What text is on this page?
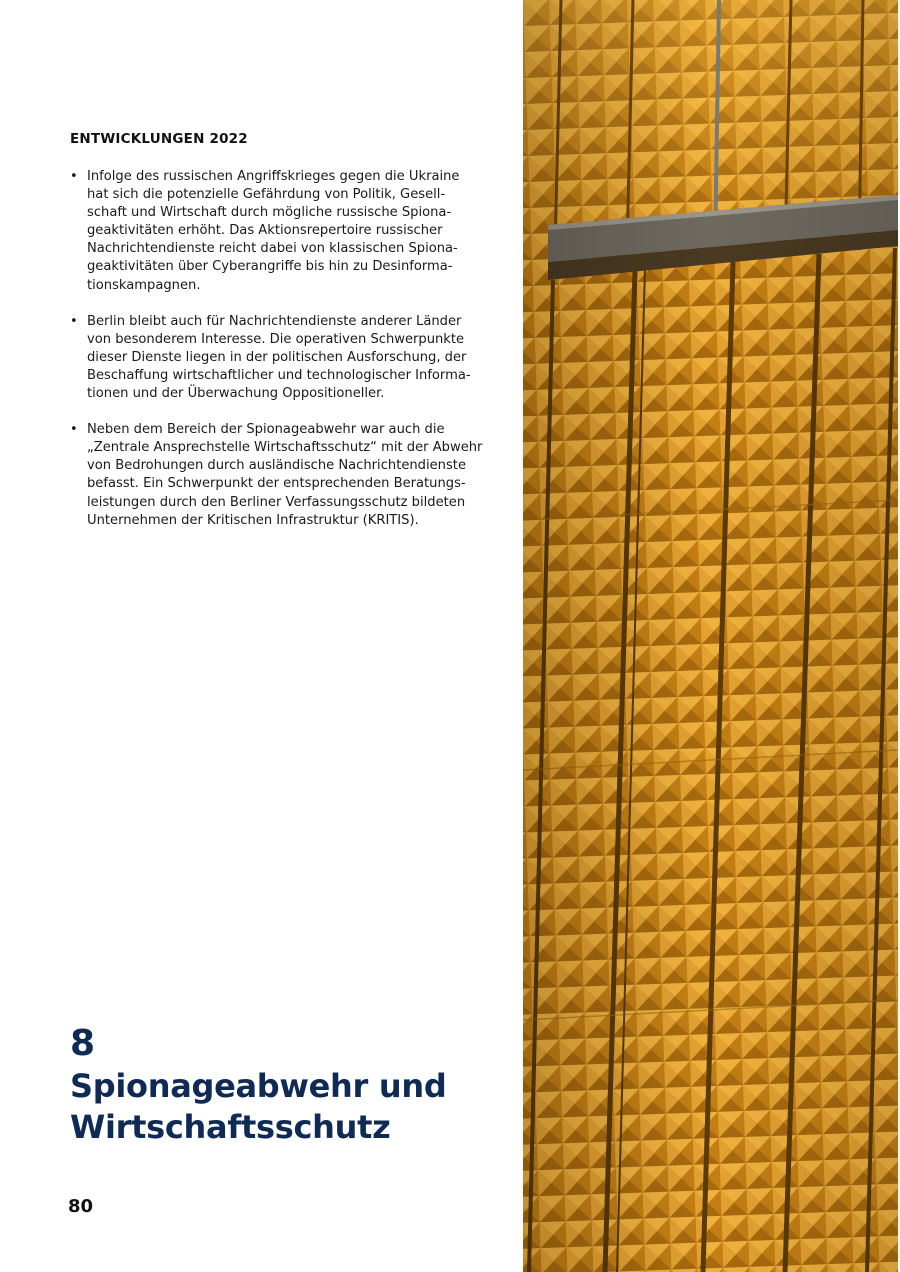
ENTWICKLUNGEN 2022
• Infolge des russischen Angriffskrieges gegen die Ukraine
hat sich die potenzielle Gefährdung von Politik, Gesell-
schaft und Wirtschaft durch mögliche russische Spiona-
geaktivitäten erhöht. Das Aktionsrepertoire russischer
Nachrichtendienste reicht dabei von klassischen Spiona-
geaktivitäten über Cyberangriffe bis hin zu Desinforma-
tionskampagnen.
• Berlin bleibt auch für Nachrichtendienste anderer Länder
von besonderem Interesse. Die operativen Schwerpunkte
dieser Dienste liegen in der politischen Ausforschung, der
Beschaffung wirtschaftlicher und technologischer Informa-
tionen und der Überwachung Oppositioneller.
• Neben dem Bereich der Spionageabwehr war auch die
„Zentrale Ansprechstelle Wirtschaftsschutz“ mit der Abwehr
von Bedrohungen durch ausländische Nachrichtendienste
befasst. Ein Schwerpunkt der entsprechenden Beratungs-
leistungen durch den Berliner Verfassungsschutz bildeten
Unternehmen der Kritischen Infrastruktur (KRITIS).
8
Spionageabwehr und
Wirtschaftsschutz
80
